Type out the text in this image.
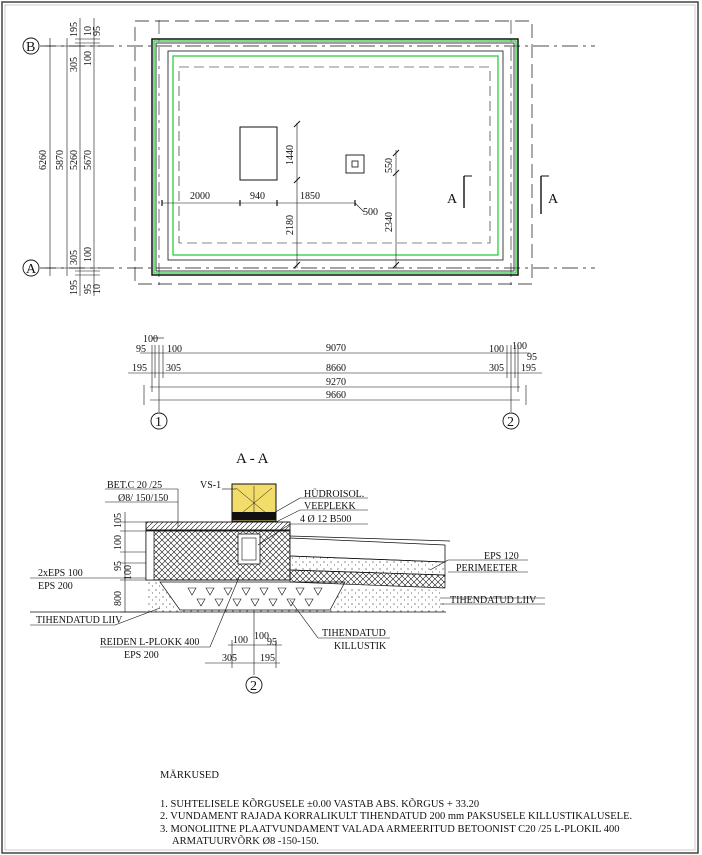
2000	940	1850
500
1440
2180
550
2340
A	A
B
A
6260 5870 5260 5670
195 10
95
305 100
305 100
195 95
10
100
95 100	9070	100 100
95
195 305	8660	305 195
9270
9660
1	2
A - A
BET.C 20 /25
Ø8/ 150/150
VS-1
HÜDROISOL.
VEEPLEKK
4 Ø 12 B500
EPS 120
PERIMEETER
2xEPS 100
EPS 200
TIHENDATUD LIIV
TIHENDATUD LIIV
REIDEN L-PLOKK 400
EPS 200
TIHENDATUD
KILLUSTIK
105
100
95 100
800
100 100
95
305 195
2
MÄRKUSED
1. SUHTELISELE KÕRGUSELE ±0.00 VASTAB ABS. KÕRGUS + 33.20
2. VUNDAMENT RAJADA KORRALIKULT TIHENDATUD 200 mm PAKSUSELE KILLUSTIKALUSELE.
3. MONOLIITNE PLAATVUNDAMENT VALADA ARMEERITUD BETOONIST C20 /25 L-PLOKIL 400
ARMATUURVÕRK Ø8 -150-150.
